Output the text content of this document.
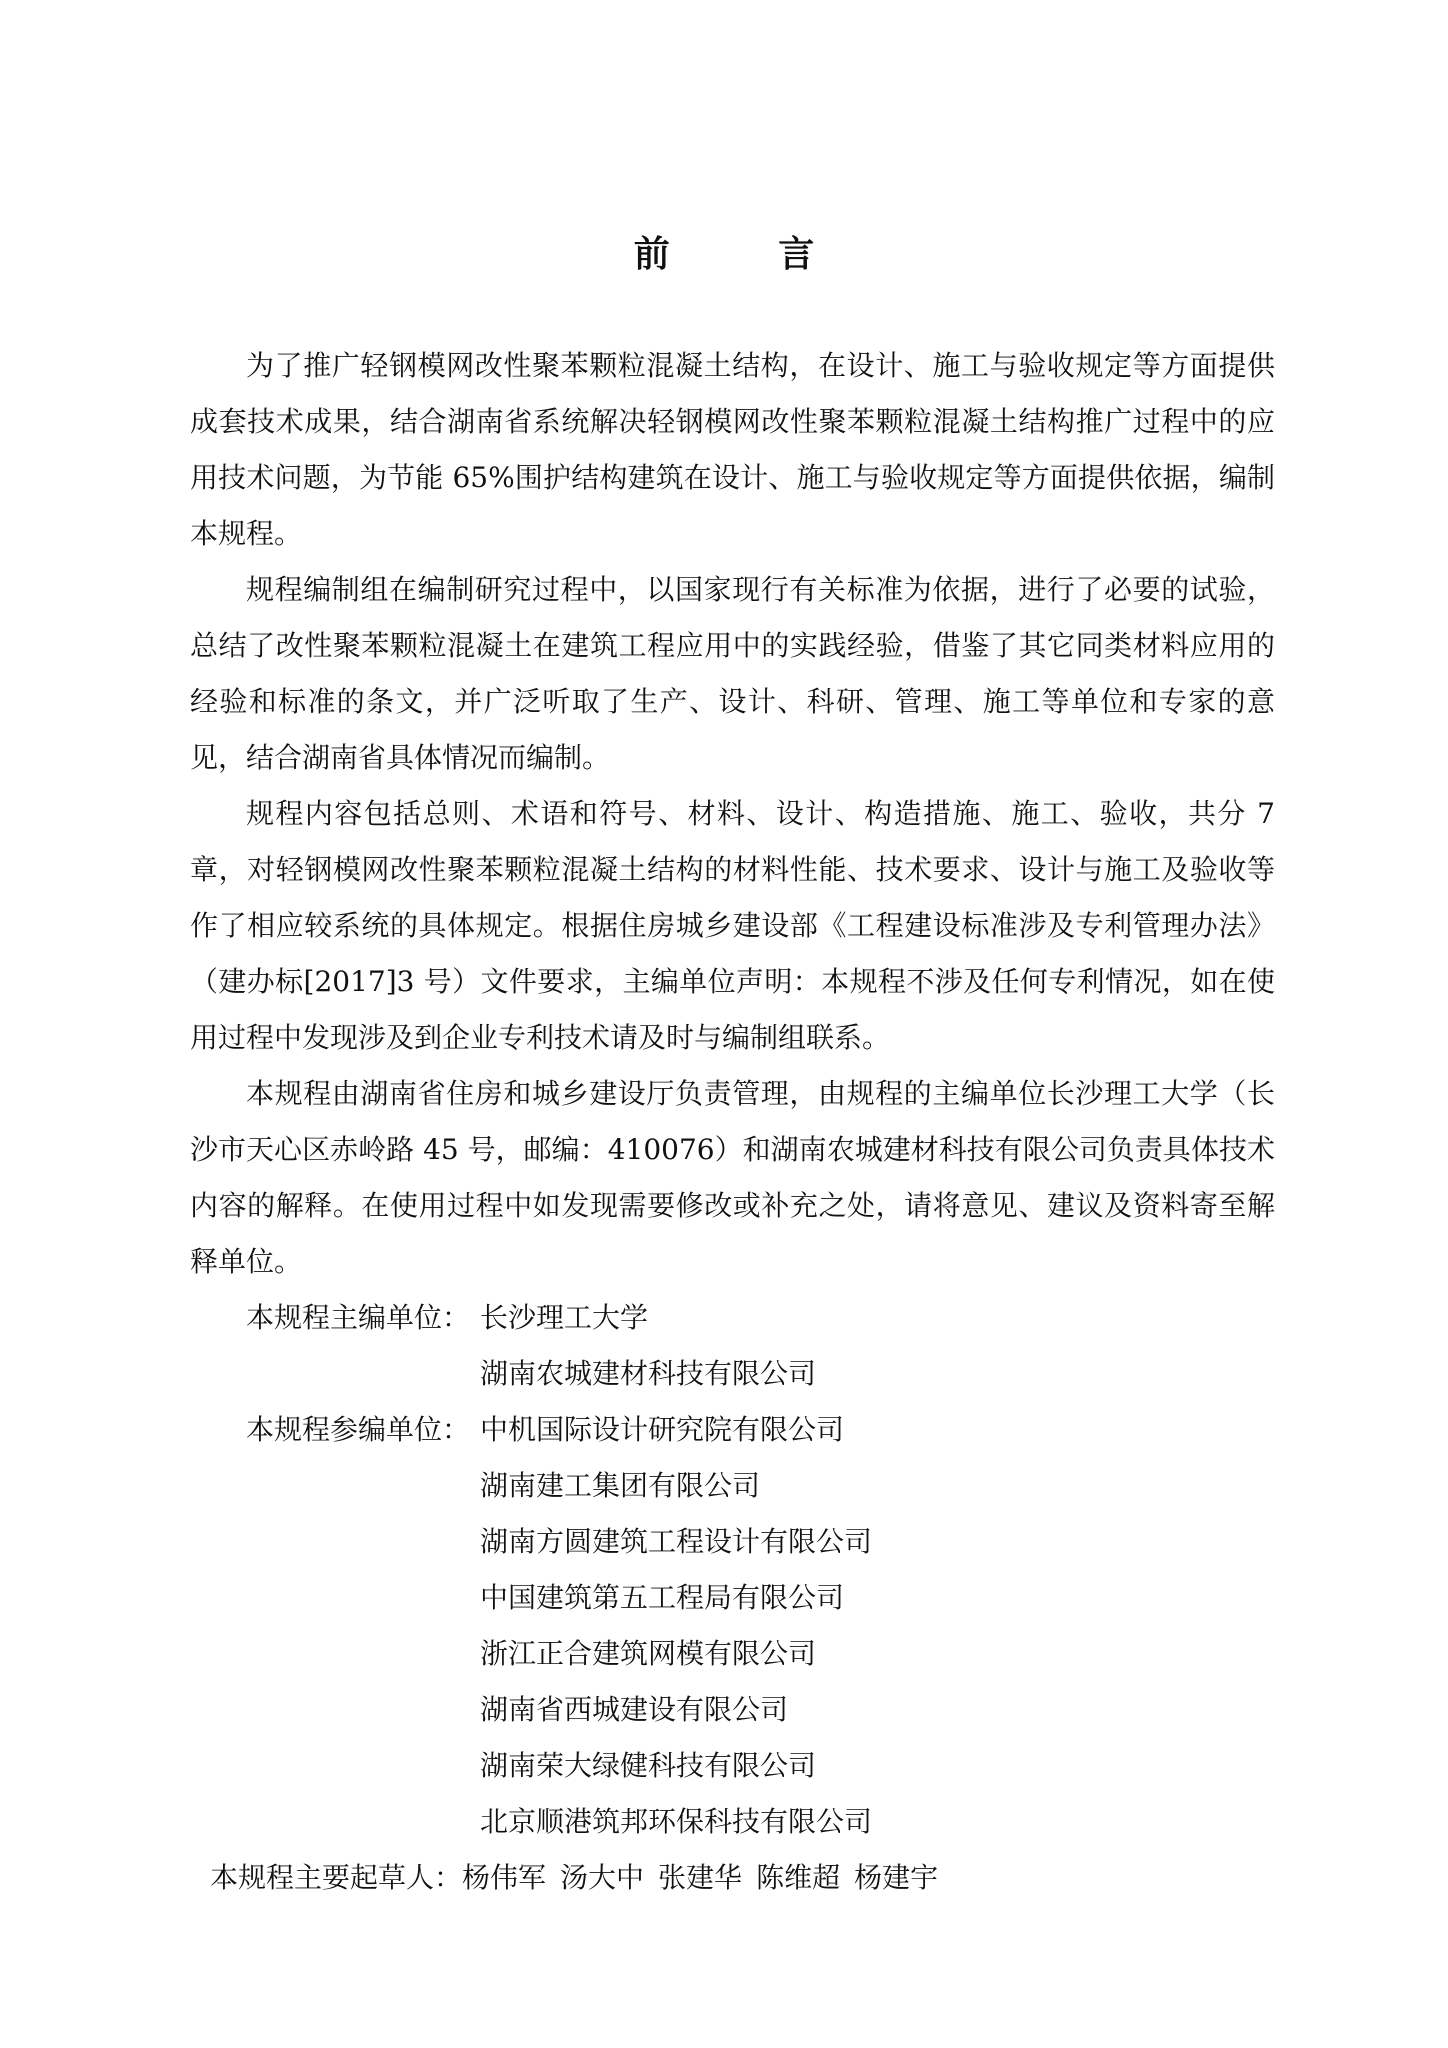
前 言

为了推广轻钢模网改性聚苯颗粒混凝土结构，在设计、施工与验收规定等方面提供成套技术成果，结合湖南省系统解决轻钢模网改性聚苯颗粒混凝土结构推广过程中的应用技术问题，为节能 65%围护结构建筑在设计、施工与验收规定等方面提供依据，编制本规程。

规程编制组在编制研究过程中，以国家现行有关标准为依据，进行了必要的试验，总结了改性聚苯颗粒混凝土在建筑工程应用中的实践经验，借鉴了其它同类材料应用的经验和标准的条文，并广泛听取了生产、设计、科研、管理、施工等单位和专家的意见，结合湖南省具体情况而编制。

规程内容包括总则、术语和符号、材料、设计、构造措施、施工、验收，共分 7 章，对轻钢模网改性聚苯颗粒混凝土结构的材料性能、技术要求、设计与施工及验收等作了相应较系统的具体规定。根据住房城乡建设部《工程建设标准涉及专利管理办法》（建办标[2017]3 号）文件要求，主编单位声明：本规程不涉及任何专利情况，如在使用过程中发现涉及到企业专利技术请及时与编制组联系。

本规程由湖南省住房和城乡建设厅负责管理，由规程的主编单位长沙理工大学（长沙市天心区赤岭路 45 号，邮编：410076）和湖南农城建材科技有限公司负责具体技术内容的解释。在使用过程中如发现需要修改或补充之处，请将意见、建议及资料寄至解释单位。

本规程主编单位： 长沙理工大学
湖南农城建材科技有限公司
本规程参编单位： 中机国际设计研究院有限公司
湖南建工集团有限公司
湖南方圆建筑工程设计有限公司
中国建筑第五工程局有限公司
浙江正合建筑网模有限公司
湖南省西城建设有限公司
湖南荣大绿健科技有限公司
北京顺港筑邦环保科技有限公司
本规程主要起草人： 杨伟军 汤大中 张建华 陈维超 杨建宇
